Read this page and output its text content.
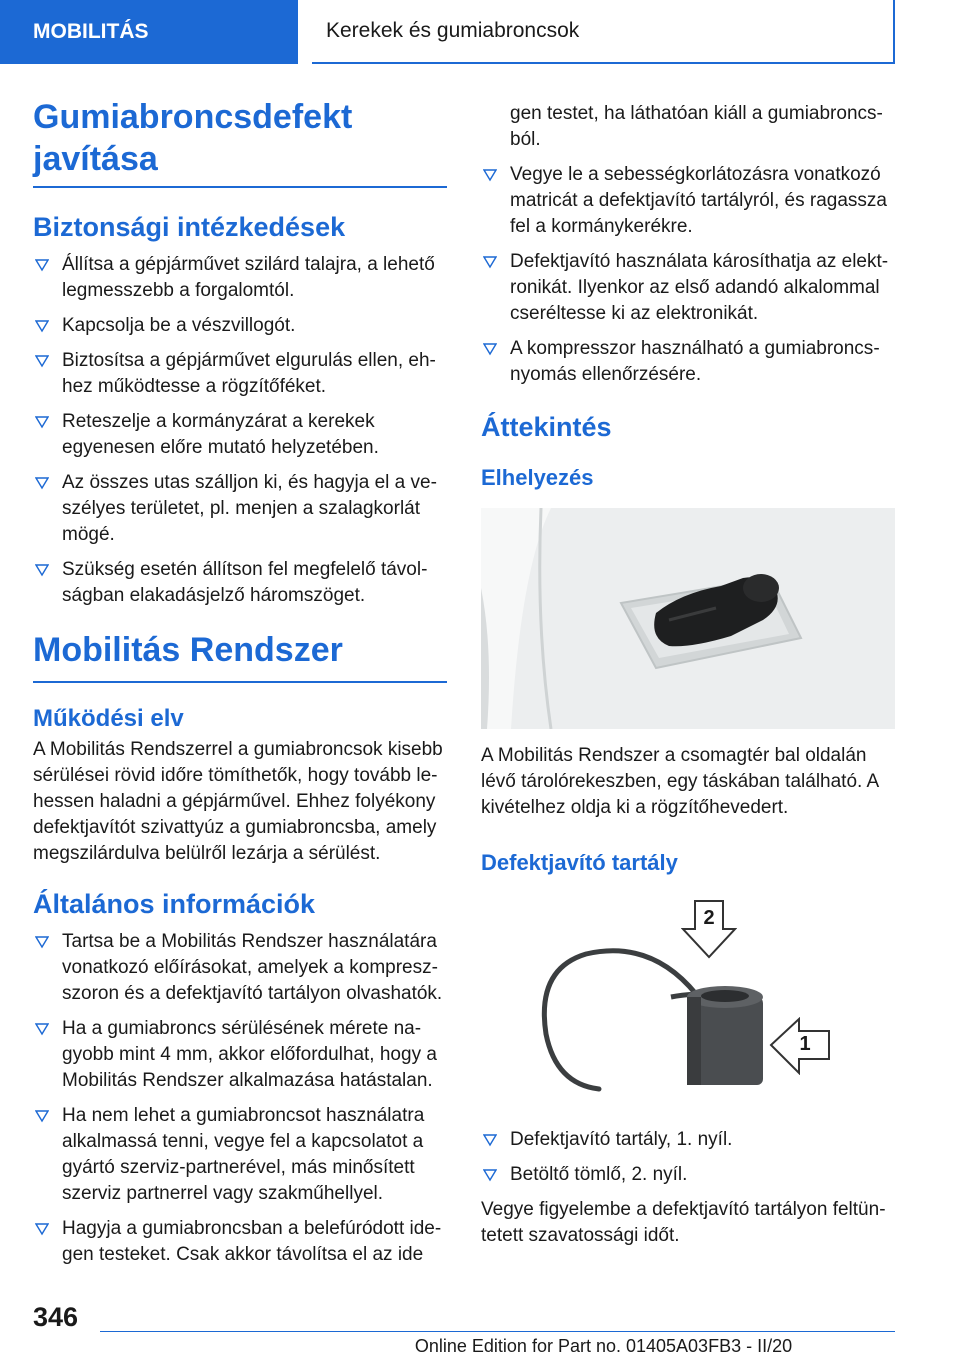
MOBILITÁS	Kerekek és gumiabroncsok
Gumiabroncsdefekt javítása
Biztonsági intézkedések
Állítsa a gépjárművet szilárd talajra, a lehető legmesszebb a forgalomtól.
Kapcsolja be a vészvillogót.
Biztosítsa a gépjárművet elgurulás ellen, ehhez működtesse a rögzítőféket.
Reteszelje a kormányzárat a kerekek egyenesen előre mutató helyzetében.
Az összes utas szálljon ki, és hagyja el a veszélyes területet, pl. menjen a szalagkorlát mögé.
Szükség esetén állítson fel megfelelő távolságban elakadásjelző háromszöget.
Mobilitás Rendszer
Működési elv

A Mobilitás Rendszerrel a gumiabroncsok kisebb sérülései rövid időre tömíthetők, hogy tovább lehessen haladni a gépjárművel. Ehhez folyékony defektjavítót szivattyúz a gumiabroncsba, amely megszilárdulva belülről lezárja a sérülést.

Általános információk
Tartsa be a Mobilitás Rendszer használatára vonatkozó előírásokat, amelyek a kompreszszoron és a defektjavító tartályon olvashatók.
Ha a gumiabroncs sérülésének mérete nagyobb mint 4 mm, akkor előfordulhat, hogy a Mobilitás Rendszer alkalmazása hatástalan.
Ha nem lehet a gumiabroncsot használatra alkalmassá tenni, vegye fel a kapcsolatot a gyártó szerviz-partnerével, más minősített szerviz partnerrel vagy szakműhellyel.
Hagyja a gumiabroncsban a belefúródott idegen testeket. Csak akkor távolítsa el az ide

gen testet, ha láthatóan kiáll a gumiabroncsból.

Vegye le a sebességkorlátozásra vonatkozó matricát a defektjavító tartályról, és ragassza fel a kormánykerékre.
Defektjavító használata károsíthatja az elektronikát. Ilyenkor az első adandó alkalommal cseréltesse ki az elektronikát.
A kompresszor használható a gumiabroncsnyomás ellenőrzésére.
Áttekintés
Elhelyezés

A Mobilitás Rendszer a csomagtér bal oldalán lévő tárolórekeszben, egy táskában található. A kivételhez oldja ki a rögzítőhevedert.

Defektjavító tartály
2
1
Defektjavító tartály, 1. nyíl.
Betöltő tömlő, 2. nyíl.

Vegye figyelembe a defektjavító tartályon feltüntetett szavatossági időt.

346
Online Edition for Part no. 01405A03FB3 - II/20
